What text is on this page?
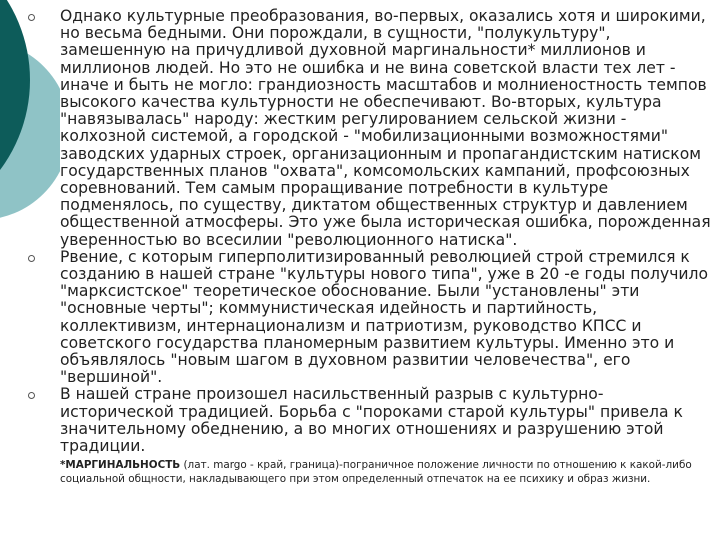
Однако культурные преобразования, во-первых, оказались хотя и широкими, но весьма бедными. Они порождали, в сущности, "полукультуру", замешенную на причудливой духовной маргинальности* миллионов и миллионов людей. Но это не ошибка и не вина советской власти тех лет - иначе и быть не могло: грандиозность масштабов и молниеностность темпов высокого качества культурности не обеспечивают. Во-вторых, культура "навязывалась" народу: жестким регулированием сельской жизни - колхозной системой, а городской - "мобилизационными возможностями" заводских ударных строек, организационным и пропагандистским натиском государственных планов "охвата", комсомольских кампаний, профсоюзных соревнований. Тем самым проращивание потребности в культуре подменялось, по существу, диктатом общественных структур и давлением общественной атмосферы. Это уже была историческая ошибка, порожденная уверенностью во всесилии "революционного натиска".

Рвение, с которым гиперполитизированный революцией строй стремился к созданию в нашей стране "культуры нового типа", уже в 20 -е годы получило "марксистское" теоретическое обоснование. Были "установлены" эти "основные черты"; коммунистическая идейность и партийность, коллективизм, интернационализм и патриотизм, руководство КПСС и советского государства планомерным развитием культуры. Именно это и объявлялось "новым шагом в духовном развитии человечества", его "вершиной".

В нашей стране произошел насильственный разрыв с культурно-исторической традицией. Борьба с "пороками старой культуры" привела к значительному обеднению, а во многих отношениях и разрушению этой традиции.

*МАРГИНАЛЬНОСТЬ (лат. margo - край, граница)-пограничное положение личности по отношению к какой-либо социальной общности, накладывающего при этом определенный отпечаток на ее психику и образ жизни.
